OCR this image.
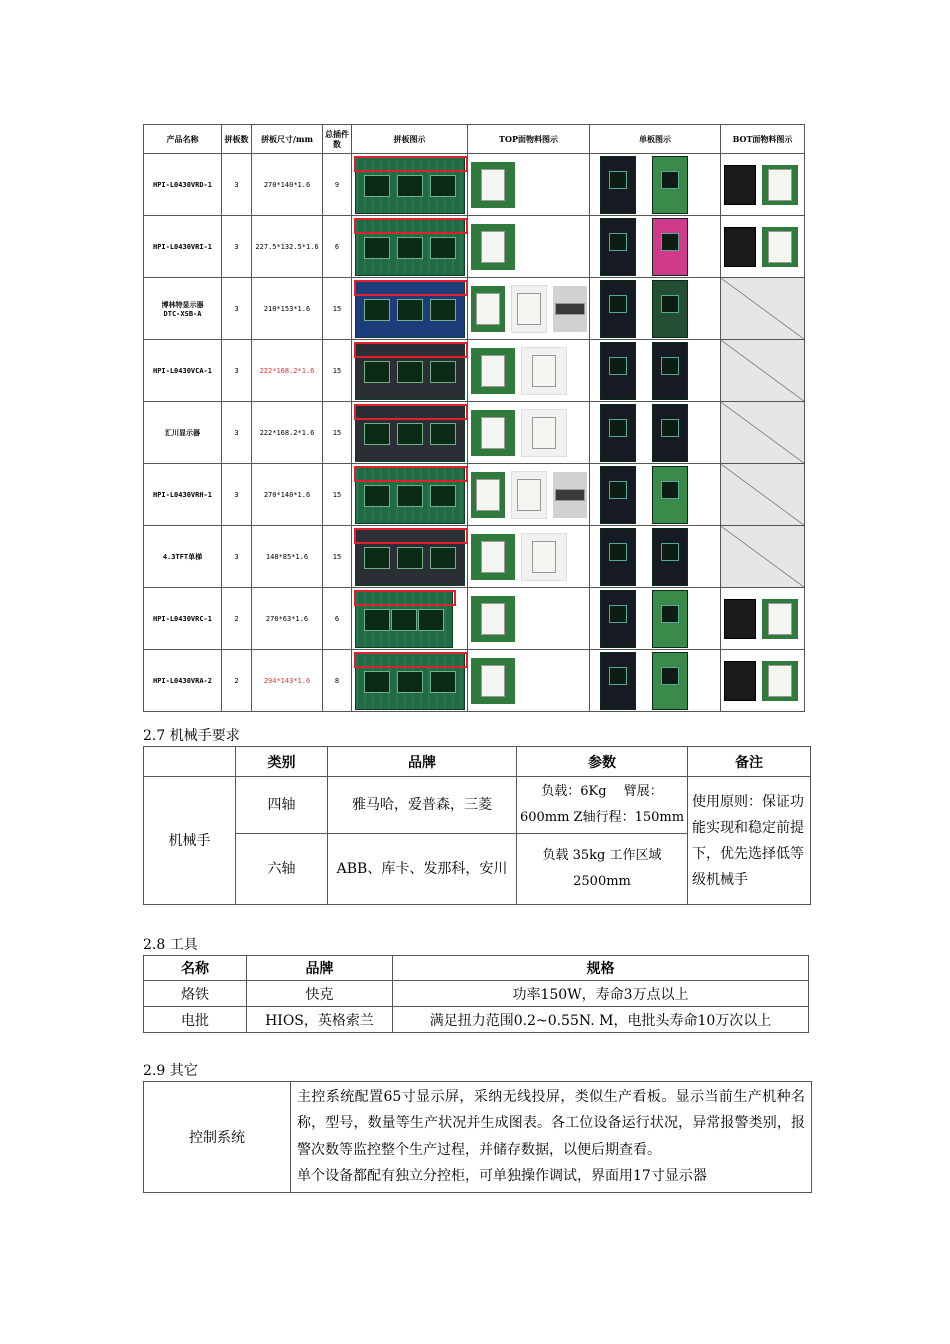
产品名称	拼板数	拼板尺寸/mm	总插件数	拼板图示	TOP面物料图示	单板图示	BOT面物料图示
HPI-L0430VRD-1	3	270*140*1.6	9	

HPI-L0430VRI-1	3	227.5*132.5*1.6	6	

博林特显示器
DTC-XSB-A	3	210*153*1.6	15	

HPI-L0430VCA-1	3	222*168.2*1.6	15	

汇川显示器	3	222*168.2*1.6	15	

HPI-L0430VRH-1	3	270*140*1.6	15	

4.3TFT单梯	3	148*85*1.6	15	

HPI-L0430VRC-1	2	270*63*1.6	6	

HPI-L0430VRA-2	2	294*143*1.6	8	

2.7 机械手要求
	类别	品牌	参数	备注
机械手	四轴	雅马哈，爱普森，三菱	负载：6Kg　 臂展：600mm Z轴行程：150mm	使用原则：保证功能实现和稳定前提下，优先选择低等级机械手
	六轴	ABB、库卡、发那科，安川	负载 35kg 工作区域 2500mm	
2.8 工具
名称	品牌	规格
烙铁	快克	功率150W，寿命3万点以上
电批	HIOS，英格索兰	满足扭力范围0.2~0.55N. M，电批头寿命10万次以上
2.9 其它
控制系统	
主控系统配置65寸显示屏，采纳无线投屏，类似生产看板。显示当前生产机种名称，型号，数量等生产状况并生成图表。各工位设备运行状况，异常报警类别，报警次数等监控整个生产过程，并储存数据，以便后期查看。
单个设备都配有独立分控柜，可单独操作调试，界面用17寸显示器
